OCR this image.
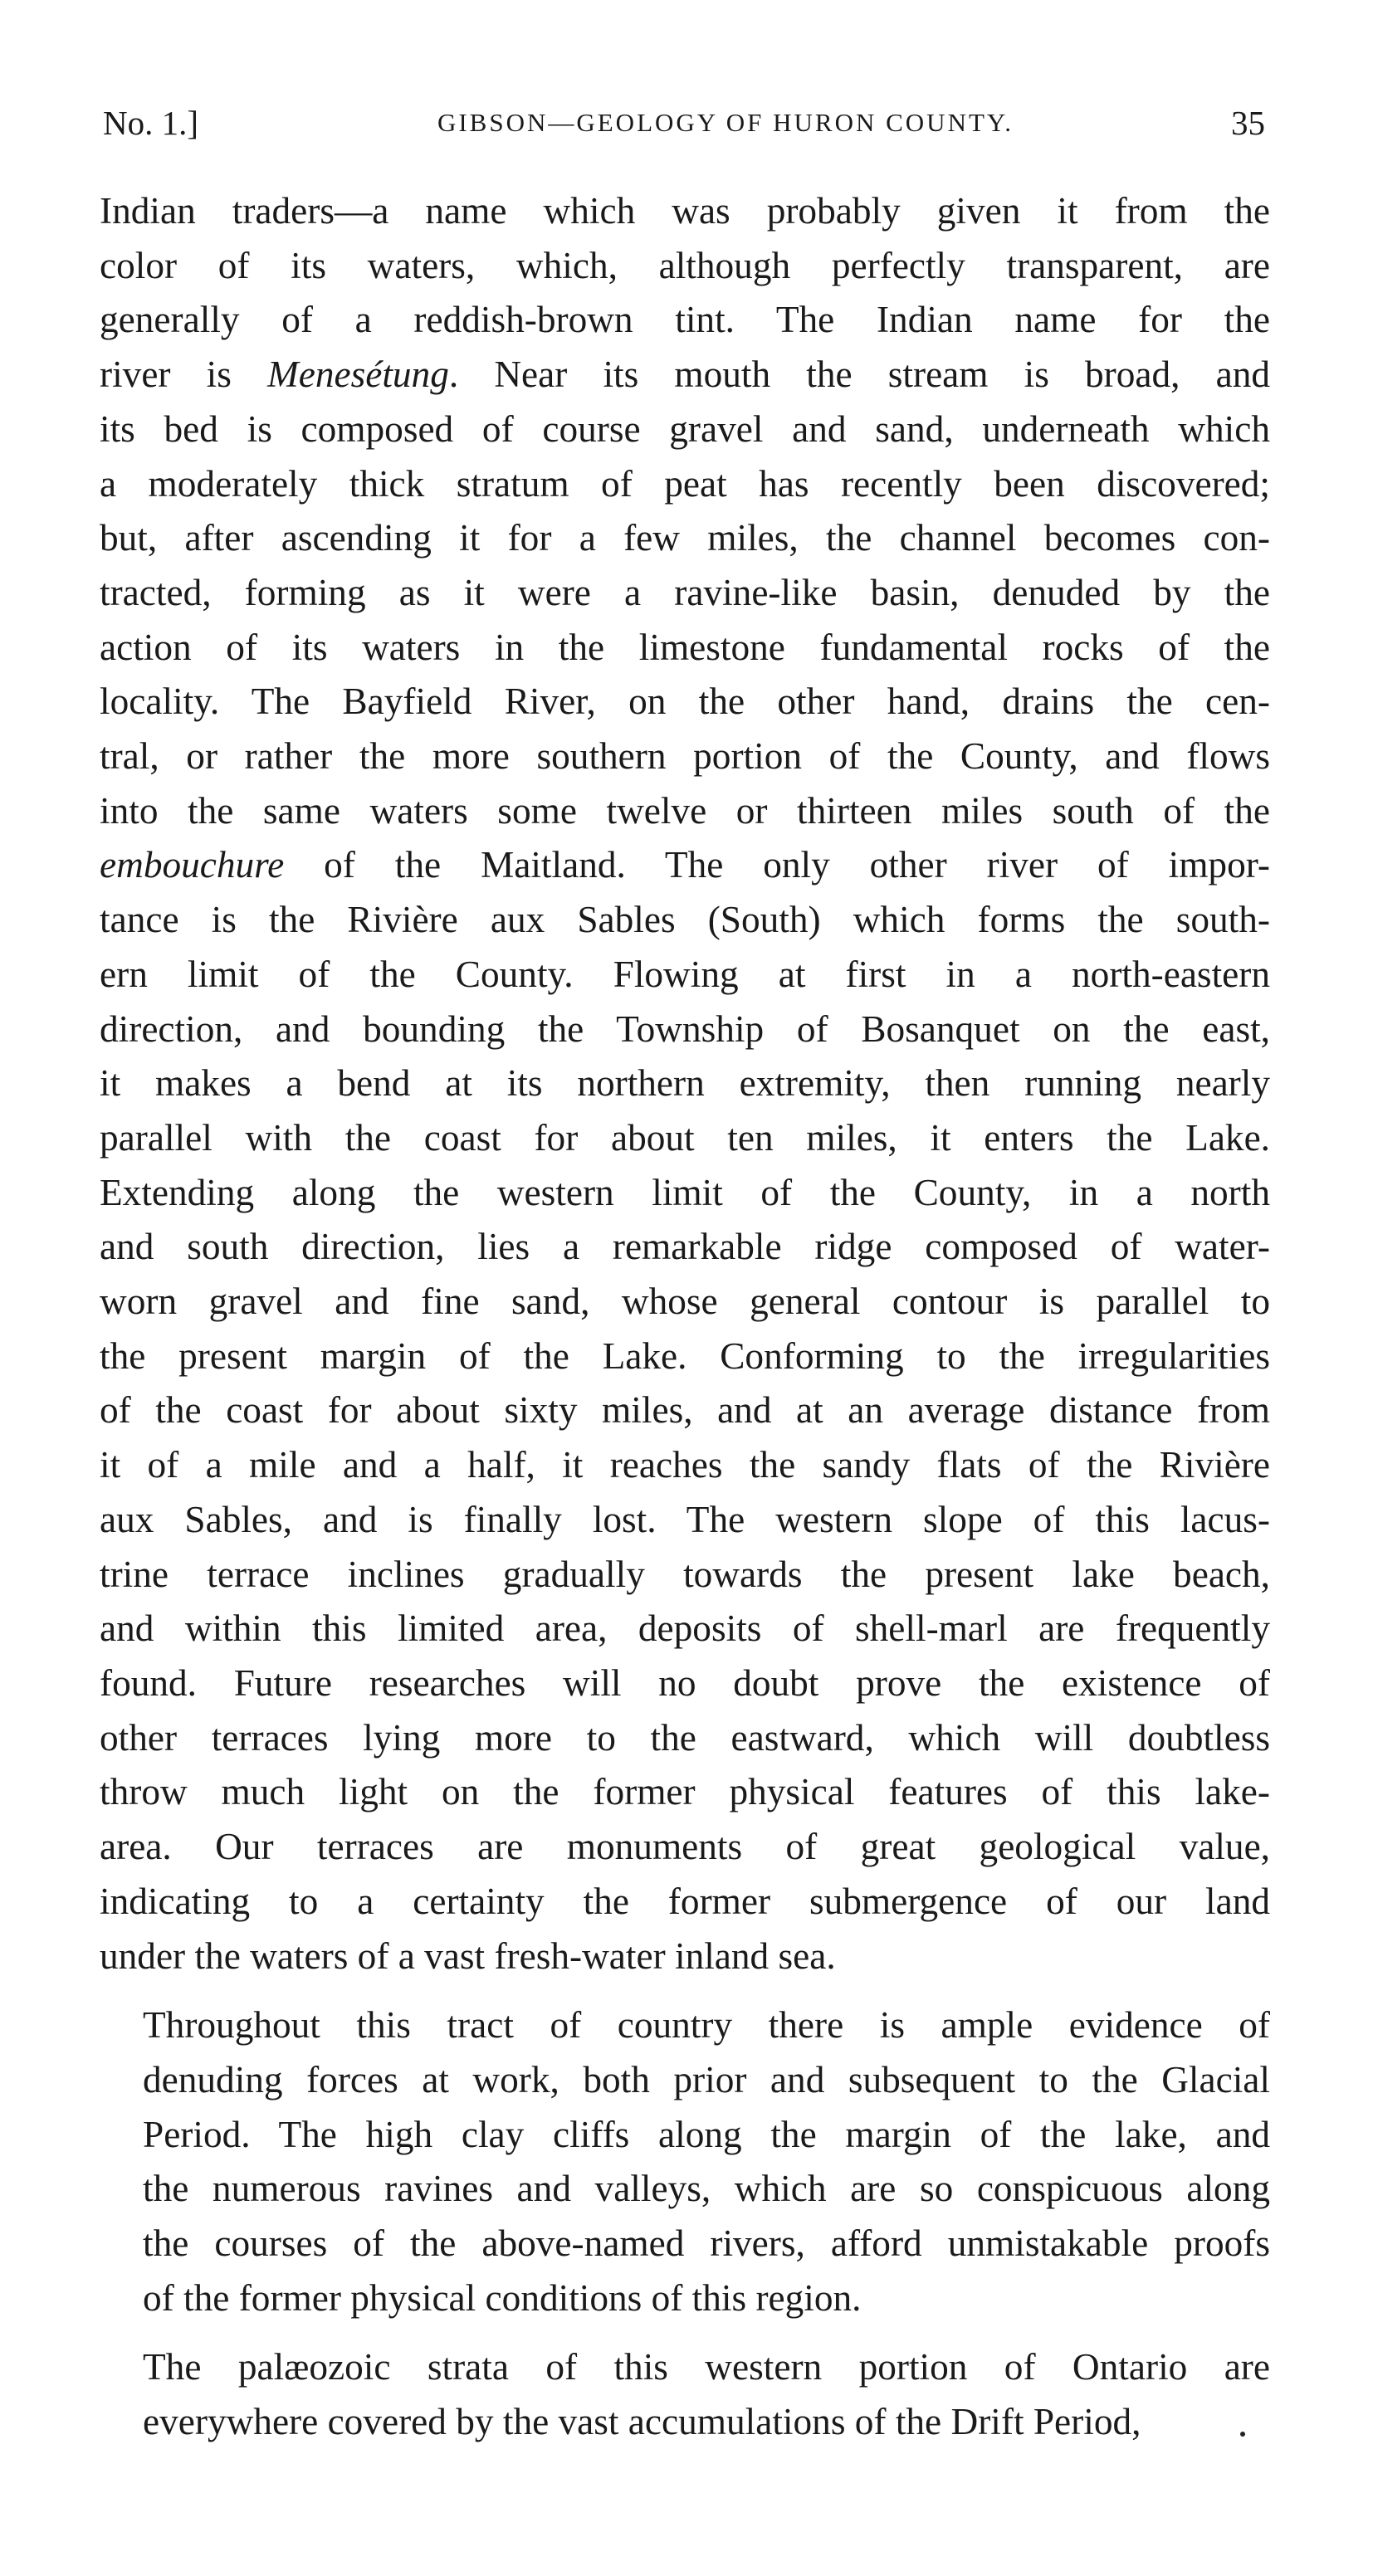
No. 1.]	GIBSON—GEOLOGY OF HURON COUNTY.	35

Indian traders—a name which was probably given it from the
color of its waters, which, although perfectly transparent, are
generally of a reddish-brown tint. The Indian name for the
river is Menesétung. Near its mouth the stream is broad, and
its bed is composed of course gravel and sand, underneath which
a moderately thick stratum of peat has recently been discovered;
but, after ascending it for a few miles, the channel becomes con-
tracted, forming as it were a ravine-like basin, denuded by the
action of its waters in the limestone fundamental rocks of the
locality. The Bayfield River, on the other hand, drains the cen-
tral, or rather the more southern portion of the County, and flows
into the same waters some twelve or thirteen miles south of the
embouchure of the Maitland. The only other river of impor-
tance is the Rivière aux Sables (South) which forms the south-
ern limit of the County. Flowing at first in a north-eastern
direction, and bounding the Township of Bosanquet on the east,
it makes a bend at its northern extremity, then running nearly
parallel with the coast for about ten miles, it enters the Lake.
Extending along the western limit of the County, in a north
and south direction, lies a remarkable ridge composed of water-
worn gravel and fine sand, whose general contour is parallel to
the present margin of the Lake. Conforming to the irregularities
of the coast for about sixty miles, and at an average distance from
it of a mile and a half, it reaches the sandy flats of the Rivière
aux Sables, and is finally lost. The western slope of this lacus-
trine terrace inclines gradually towards the present lake beach,
and within this limited area, deposits of shell-marl are frequently
found. Future researches will no doubt prove the existence of
other terraces lying more to the eastward, which will doubtless
throw much light on the former physical features of this lake-
area. Our terraces are monuments of great geological value,
indicating to a certainty the former submergence of our land
under the waters of a vast fresh-water inland sea.

Throughout this tract of country there is ample evidence of
denuding forces at work, both prior and subsequent to the Glacial
Period. The high clay cliffs along the margin of the lake, and
the numerous ravines and valleys, which are so conspicuous along
the courses of the above-named rivers, afford unmistakable proofs
of the former physical conditions of this region.

The palæozoic strata of this western portion of Ontario are
everywhere covered by the vast accumulations of the Drift Period,
